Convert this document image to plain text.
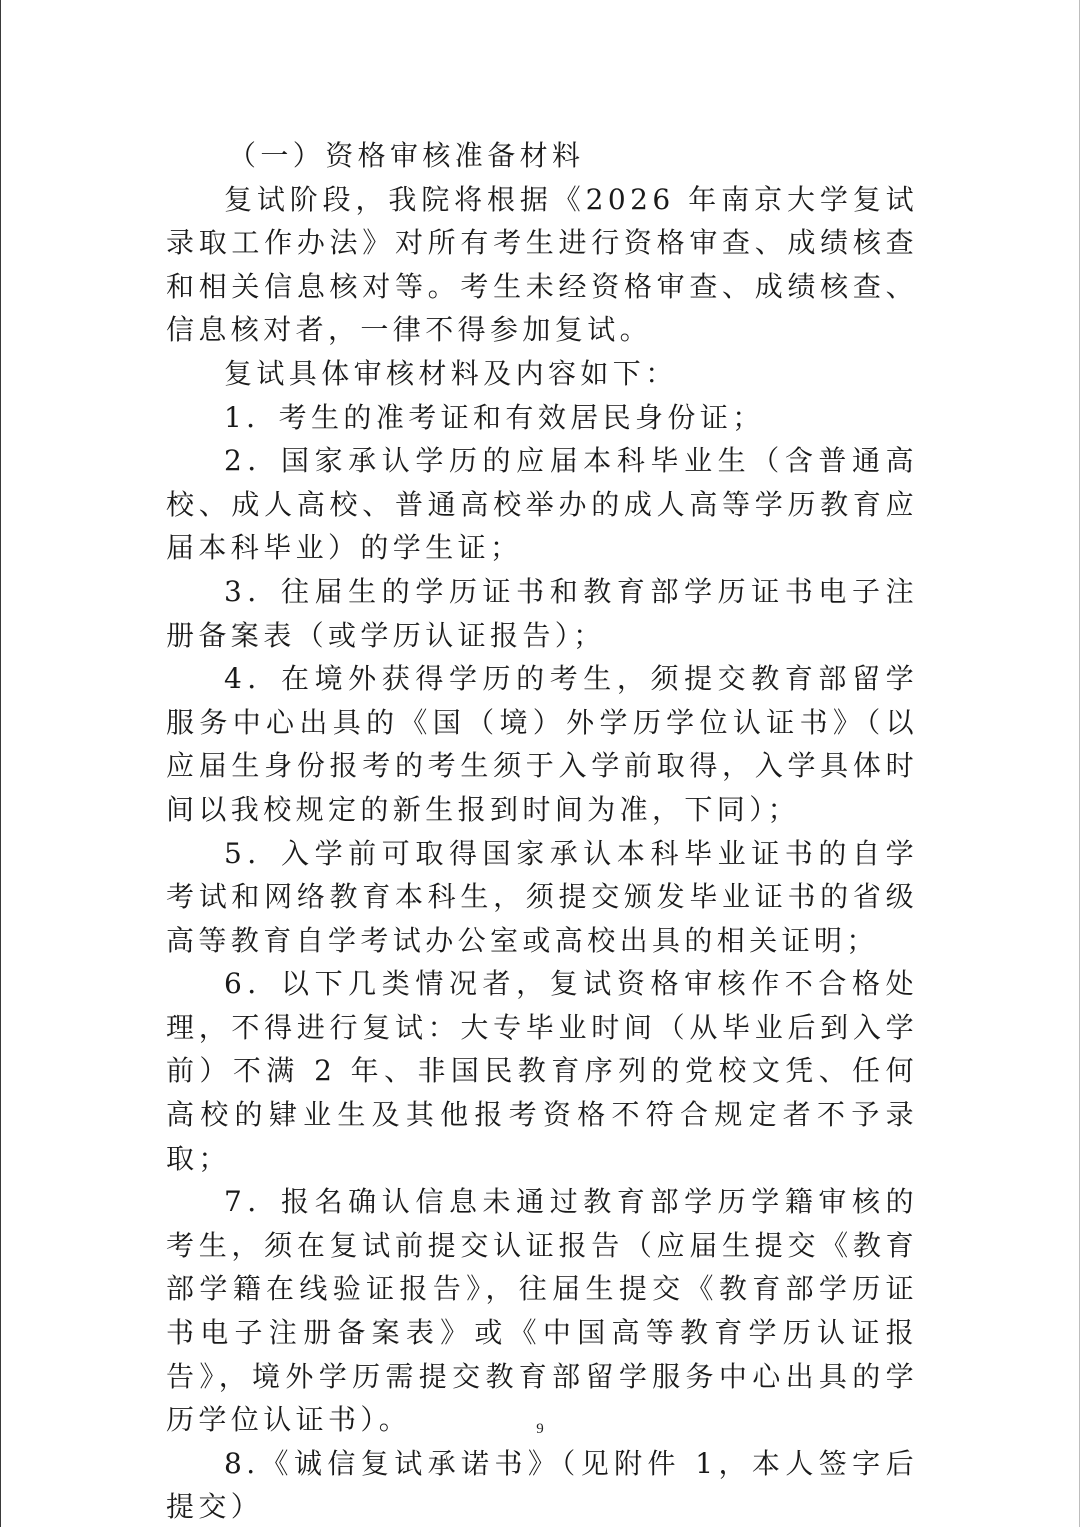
（一）资格审核准备材料

复试阶段，我院将根据《2026 年南京大学复试录取工作办法》对所有考生进行资格审查、成绩核查和相关信息核对等。考生未经资格审查、成绩核查、信息核对者，一律不得参加复试。

复试具体审核材料及内容如下：

1．考生的准考证和有效居民身份证；

2．国家承认学历的应届本科毕业生（含普通高校、成人高校、普通高校举办的成人高等学历教育应届本科毕业）的学生证；

3．往届生的学历证书和教育部学历证书电子注册备案表（或学历认证报告）；

4．在境外获得学历的考生，须提交教育部留学服务中心出具的《国（境）外学历学位认证书》（以应届生身份报考的考生须于入学前取得，入学具体时间以我校规定的新生报到时间为准，下同）；

5．入学前可取得国家承认本科毕业证书的自学考试和网络教育本科生，须提交颁发毕业证书的省级高等教育自学考试办公室或高校出具的相关证明；

6．以下几类情况者，复试资格审核作不合格处理，不得进行复试：大专毕业时间（从毕业后到入学前）不满 2 年、非国民教育序列的党校文凭、任何高校的肄业生及其他报考资格不符合规定者不予录取；

7．报名确认信息未通过教育部学历学籍审核的考生，须在复试前提交认证报告（应届生提交《教育部学籍在线验证报告》，往届生提交《教育部学历证书电子注册备案表》或《中国高等教育学历认证报告》，境外学历需提交教育部留学服务中心出具的学历学位认证书）。

8.《诚信复试承诺书》（见附件 1，本人签字后提交）

9
